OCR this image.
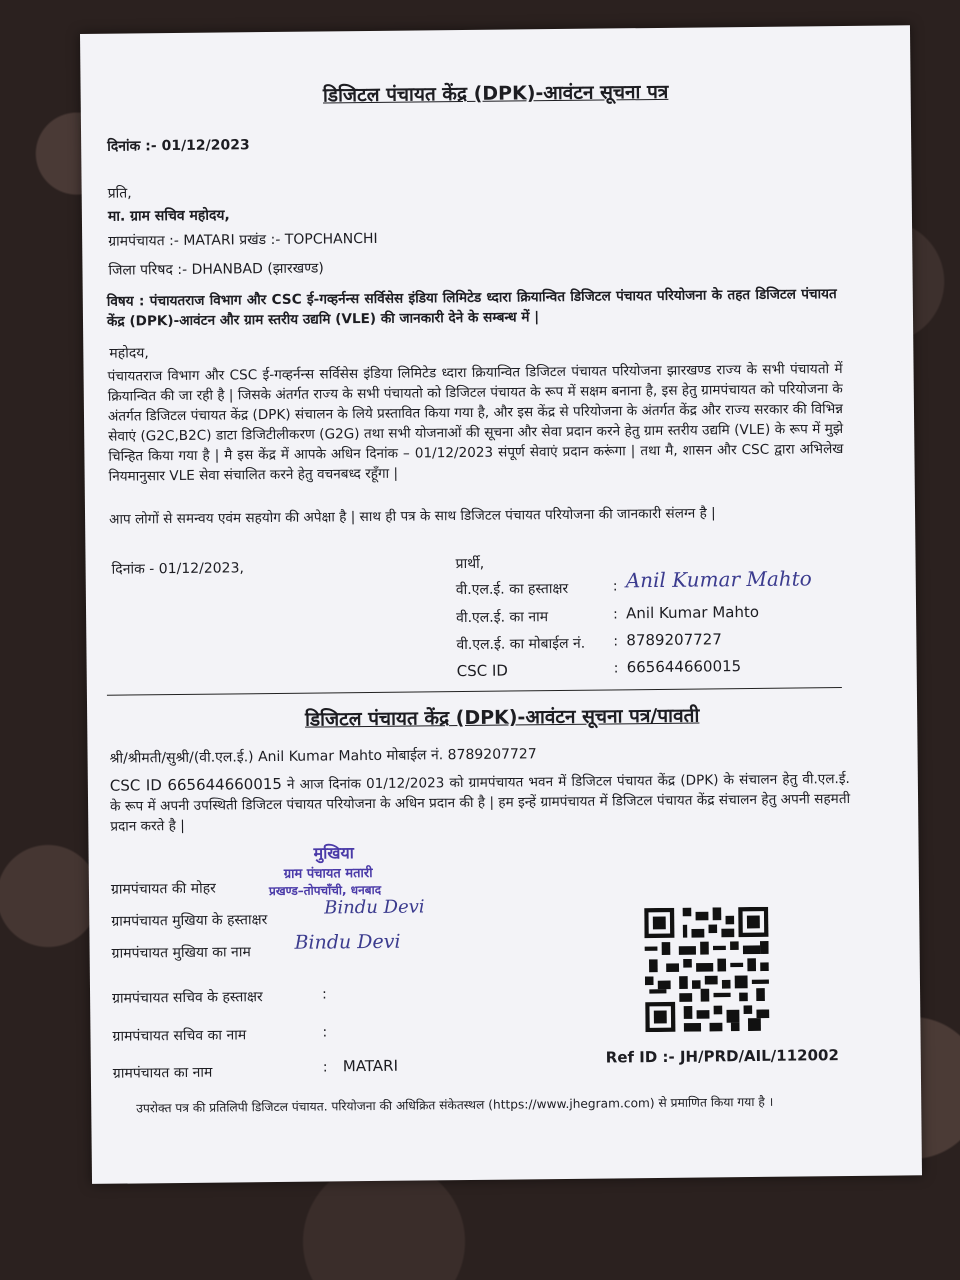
डिजिटल पंचायत केंद्र (DPK)-आवंटन सूचना पत्र
दिनांक :- 01/12/2023
प्रति,
मा. ग्राम सचिव महोदय,
ग्रामपंचायत :- MATARI प्रखंड :- TOPCHANCHI
जिला परिषद :- DHANBAD (झारखण्ड)
विषय : पंचायतराज विभाग और CSC ई-गव्हर्नन्स सर्विसेस इंडिया लिमिटेड ध्दारा क्रियान्वित डिजिटल पंचायत परियोजना के तहत डिजिटल पंचायत केंद्र (DPK)-आवंटन और ग्राम स्तरीय उद्यमि (VLE) की जानकारी देने के सम्बन्ध में |
महोदय,
पंचायतराज विभाग और CSC ई-गव्हर्नन्स सर्विसेस इंडिया लिमिटेड ध्दारा क्रियान्वित डिजिटल पंचायत परियोजना झारखण्ड राज्य के सभी पंचायतो में क्रियान्वित की जा रही है | जिसके अंतर्गत राज्य के सभी पंचायतो को डिजिटल पंचायत के रूप में सक्षम बनाना है, इस हेतु ग्रामपंचायत को परियोजना के अंतर्गत डिजिटल पंचायत केंद्र (DPK) संचालन के लिये प्रस्तावित किया गया है, और इस केंद्र से परियोजना के अंतर्गत केंद्र और राज्य सरकार की विभिन्न सेवाएं (G2C,B2C) डाटा डिजिटीलीकरण (G2G) तथा सभी योजनाओं की सूचना और सेवा प्रदान करने हेतु ग्राम स्तरीय उद्यमि (VLE) के रूप में मुझे चिन्हित किया गया है | मै इस केंद्र में आपके अधिन दिनांक – 01/12/2023 संपूर्ण सेवाएं प्रदान करूंगा | तथा मै, शासन और CSC द्वारा अभिलेख नियमानुसार VLE सेवा संचालित करने हेतु वचनबध्द रहूँगा |
आप लोगों से समन्वय एवंम सहयोग की अपेक्षा है | साथ ही पत्र के साथ डिजिटल पंचायत परियोजना की जानकारी संलग्न है |
दिनांक - 01/12/2023,	प्रार्थी,
वी.एल.ई. का हस्ताक्षर	: Anil Kumar Mahto
वी.एल.ई. का नाम	: Anil Kumar Mahto
वी.एल.ई. का मोबाईल नं. : 8789207727
CSC ID	: 665644660015
डिजिटल पंचायत केंद्र (DPK)-आवंटन सूचना पत्र/पावती
श्री/श्रीमती/सुश्री/(वी.एल.ई.) Anil Kumar Mahto मोबाईल नं. 8789207727
CSC ID 665644660015 ने आज दिनांक 01/12/2023 को ग्रामपंचायत भवन में डिजिटल पंचायत केंद्र (DPK) के संचालन हेतु वी.एल.ई. के रूप में अपनी उपस्थिती डिजिटल पंचायत परियोजना के अधिन प्रदान की है | हम इन्हें ग्रामपंचायत में डिजिटल पंचायत केंद्र संचालन हेतु अपनी सहमती प्रदान करते है |
मुखिया
ग्राम पंचायत मतारी
प्रखण्ड–तोपचाँची, धनबाद
ग्रामपंचायत की मोहर
ग्रामपंचायत मुखिया के हस्ताक्षर
Bindu Devi
ग्रामपंचायत मुखिया का नाम Bindu Devi
ग्रामपंचायत सचिव के हस्ताक्षर	:
ग्रामपंचायत सचिव का नाम	:
ग्रामपंचायत का नाम	: MATARI	Ref ID :- JH/PRD/AIL/112002
उपरोक्त पत्र की प्रतिलिपी डिजिटल पंचायत. परियोजना की अधिक्रित संकेतस्थल (https://www.jhegram.com) से प्रमाणित किया गया है ।
